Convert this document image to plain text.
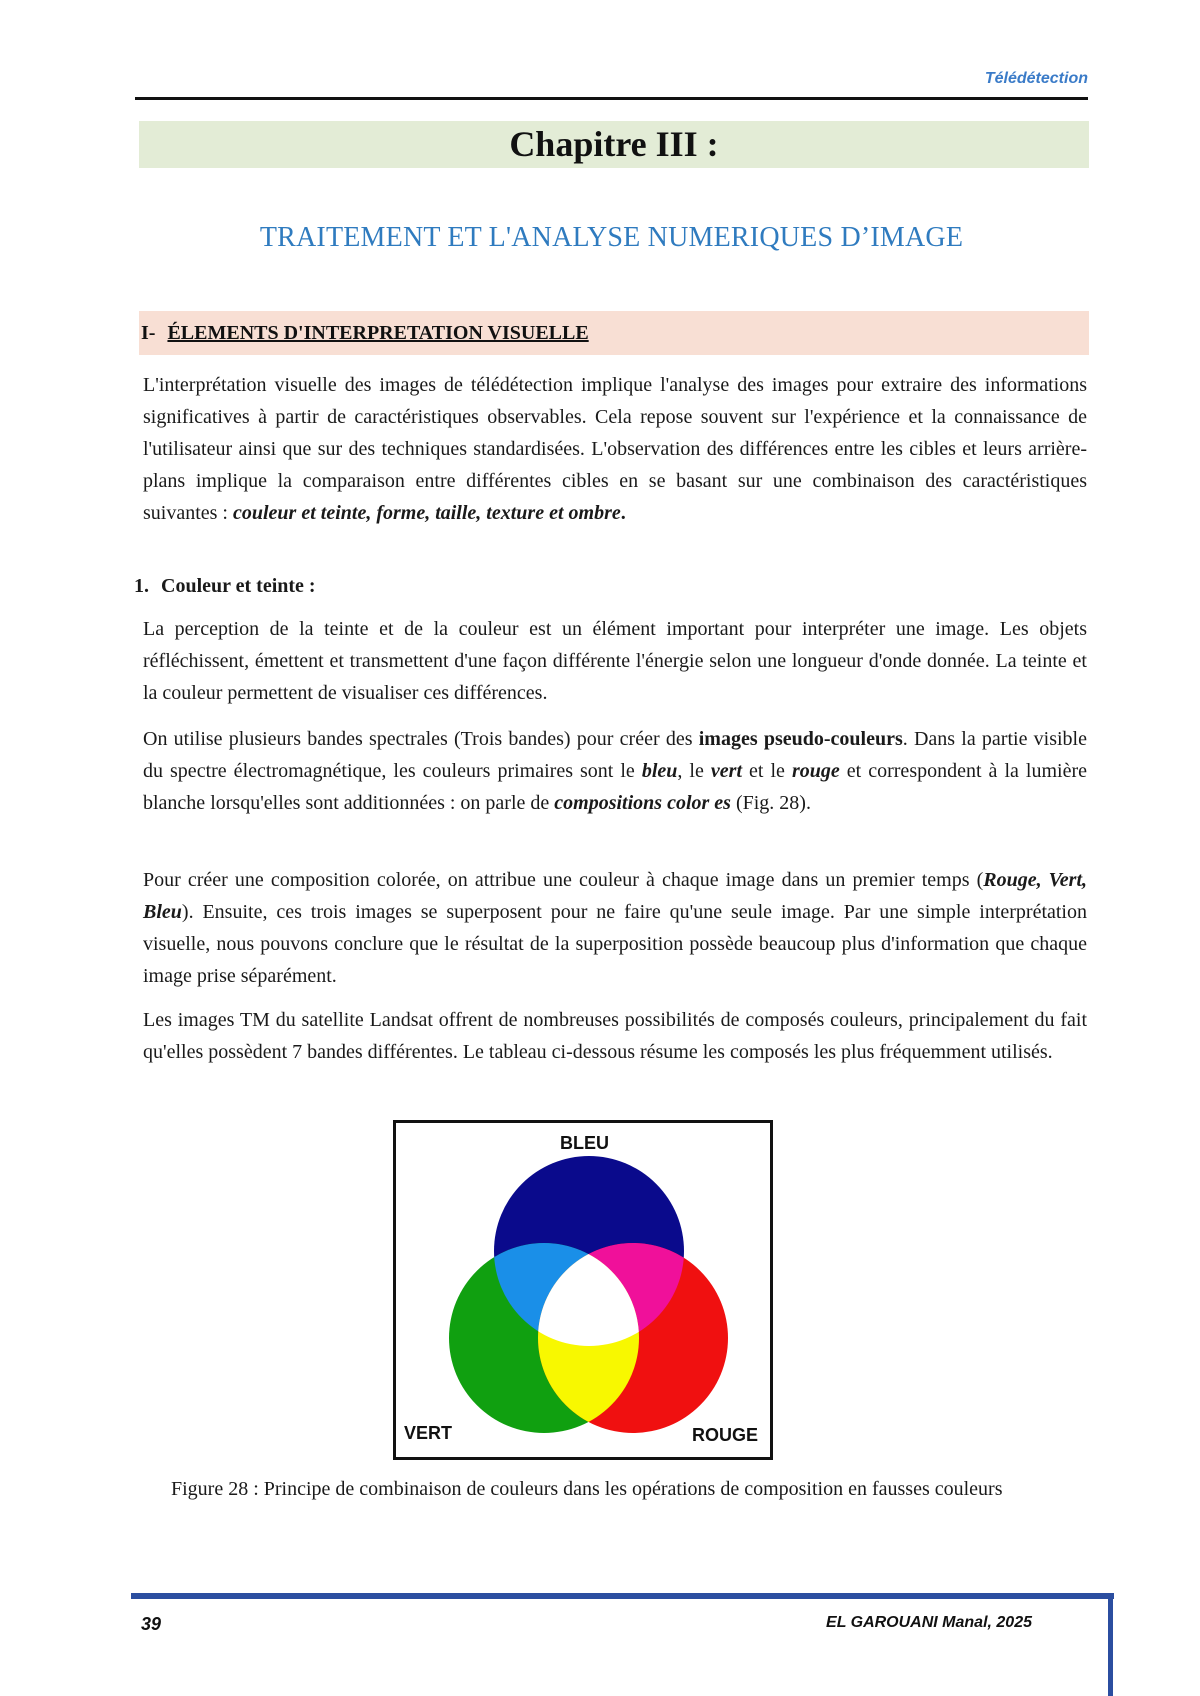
Télédétection
Chapitre III :
TRAITEMENT ET L'ANALYSE NUMERIQUES D’IMAGE
I- ÉLEMENTS D'INTERPRETATION VISUELLE

L'interprétation visuelle des images de télédétection implique l'analyse des images pour extraire des informations significatives à partir de caractéristiques observables. Cela repose souvent sur l'expérience et la connaissance de l'utilisateur ainsi que sur des techniques standardisées. L'observation des différences entre les cibles et leurs arrière-plans implique la comparaison entre différentes cibles en se basant sur une combinaison des caractéristiques suivantes : couleur et teinte, forme, taille, texture et ombre.

1. Couleur et teinte :

La perception de la teinte et de la couleur est un élément important pour interpréter une image. Les objets réfléchissent, émettent et transmettent d'une façon différente l'énergie selon une longueur d'onde donnée. La teinte et la couleur permettent de visualiser ces différences.

On utilise plusieurs bandes spectrales (Trois bandes) pour créer des images pseudo-couleurs. Dans la partie visible du spectre électromagnétique, les couleurs primaires sont le bleu, le vert et le rouge et correspondent à la lumière blanche lorsqu'elles sont additionnées : on parle de compositions color es (Fig. 28).

Pour créer une composition colorée, on attribue une couleur à chaque image dans un premier temps (Rouge, Vert, Bleu). Ensuite, ces trois images se superposent pour ne faire qu'une seule image. Par une simple interprétation visuelle, nous pouvons conclure que le résultat de la superposition possède beaucoup plus d'information que chaque image prise séparément.

Les images TM du satellite Landsat offrent de nombreuses possibilités de composés couleurs, principalement du fait qu'elles possèdent 7 bandes différentes. Le tableau ci-dessous résume les composés les plus fréquemment utilisés.

BLEU
VERT	ROUGE
Figure 28 : Principe de combinaison de couleurs dans les opérations de composition en fausses couleurs
39	EL GAROUANI Manal, 2025
